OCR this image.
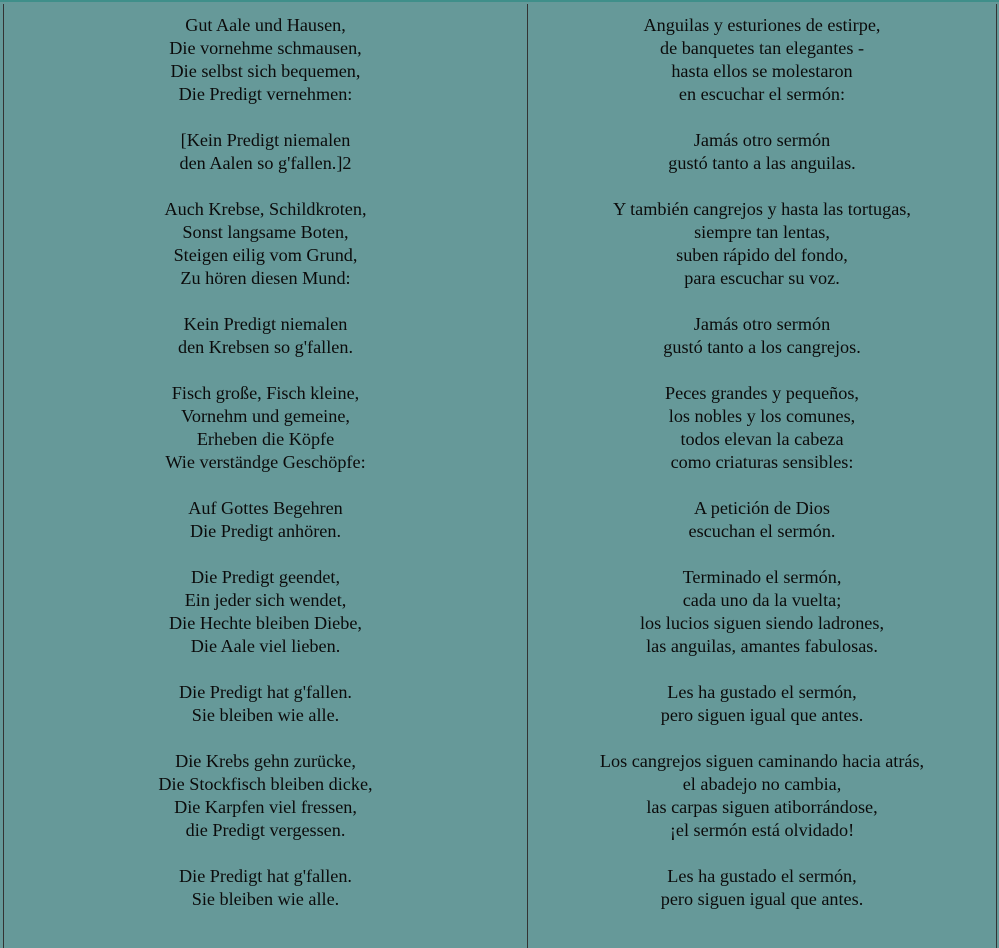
Gut Aale und Hausen,
Die vornehme schmausen,
Die selbst sich bequemen,
Die Predigt vernehmen:
[Kein Predigt niemalen
den Aalen so g'fallen.]2
Auch Krebse, Schildkroten,
Sonst langsame Boten,
Steigen eilig vom Grund,
Zu hören diesen Mund:
Kein Predigt niemalen
den Krebsen so g'fallen.
Fisch große, Fisch kleine,
Vornehm und gemeine,
Erheben die Köpfe
Wie verständge Geschöpfe:
Auf Gottes Begehren
Die Predigt anhören.
Die Predigt geendet,
Ein jeder sich wendet,
Die Hechte bleiben Diebe,
Die Aale viel lieben.
Die Predigt hat g'fallen.
Sie bleiben wie alle.
Die Krebs gehn zurücke,
Die Stockfisch bleiben dicke,
Die Karpfen viel fressen,
die Predigt vergessen.
Die Predigt hat g'fallen.
Sie bleiben wie alle.
Anguilas y esturiones de estirpe,
de banquetes tan elegantes -
hasta ellos se molestaron
en escuchar el sermón:
Jamás otro sermón
gustó tanto a las anguilas.
Y también cangrejos y hasta las tortugas,
siempre tan lentas,
suben rápido del fondo,
para escuchar su voz.
Jamás otro sermón
gustó tanto a los cangrejos.
Peces grandes y pequeños,
los nobles y los comunes,
todos elevan la cabeza
como criaturas sensibles:
A petición de Dios
escuchan el sermón.
Terminado el sermón,
cada uno da la vuelta;
los lucios siguen siendo ladrones,
las anguilas, amantes fabulosas.
Les ha gustado el sermón,
pero siguen igual que antes.
Los cangrejos siguen caminando hacia atrás,
el abadejo no cambia,
las carpas siguen atiborrándose,
¡el sermón está olvidado!
Les ha gustado el sermón,
pero siguen igual que antes.
